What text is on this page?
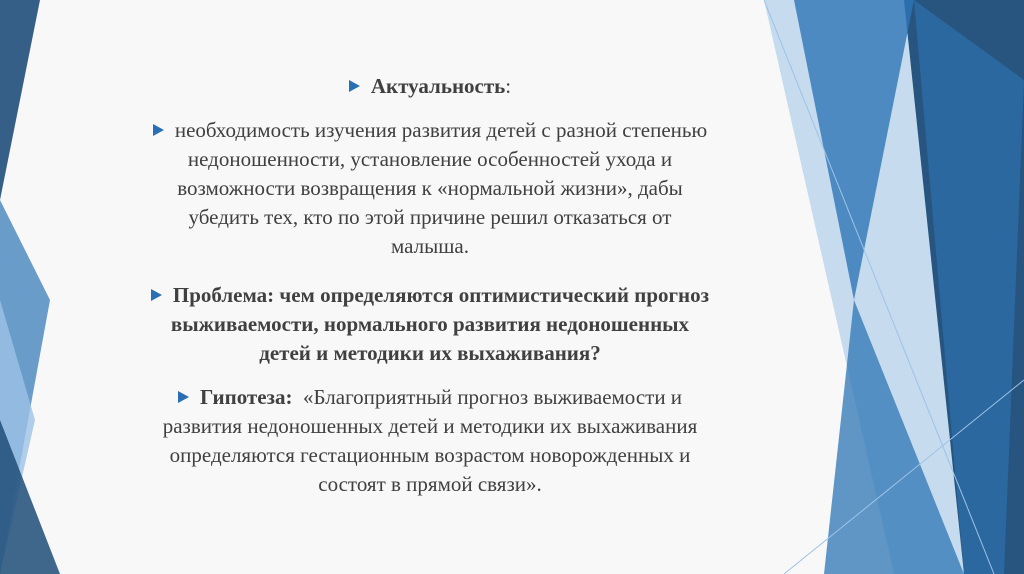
Актуальность:
необходимость изучения развития детей с разной степенью
недоношенности, установление особенностей ухода и
возможности возвращения к «нормальной жизни», дабы
убедить тех, кто по этой причине решил отказаться от
малыша.
Проблема: чем определяются оптимистический прогноз
выживаемости, нормального развития недоношенных
детей и методики их выхаживания?
Гипотеза: «Благоприятный прогноз выживаемости и
развития недоношенных детей и методики их выхаживания
определяются гестационным возрастом новорожденных и
состоят в прямой связи».
